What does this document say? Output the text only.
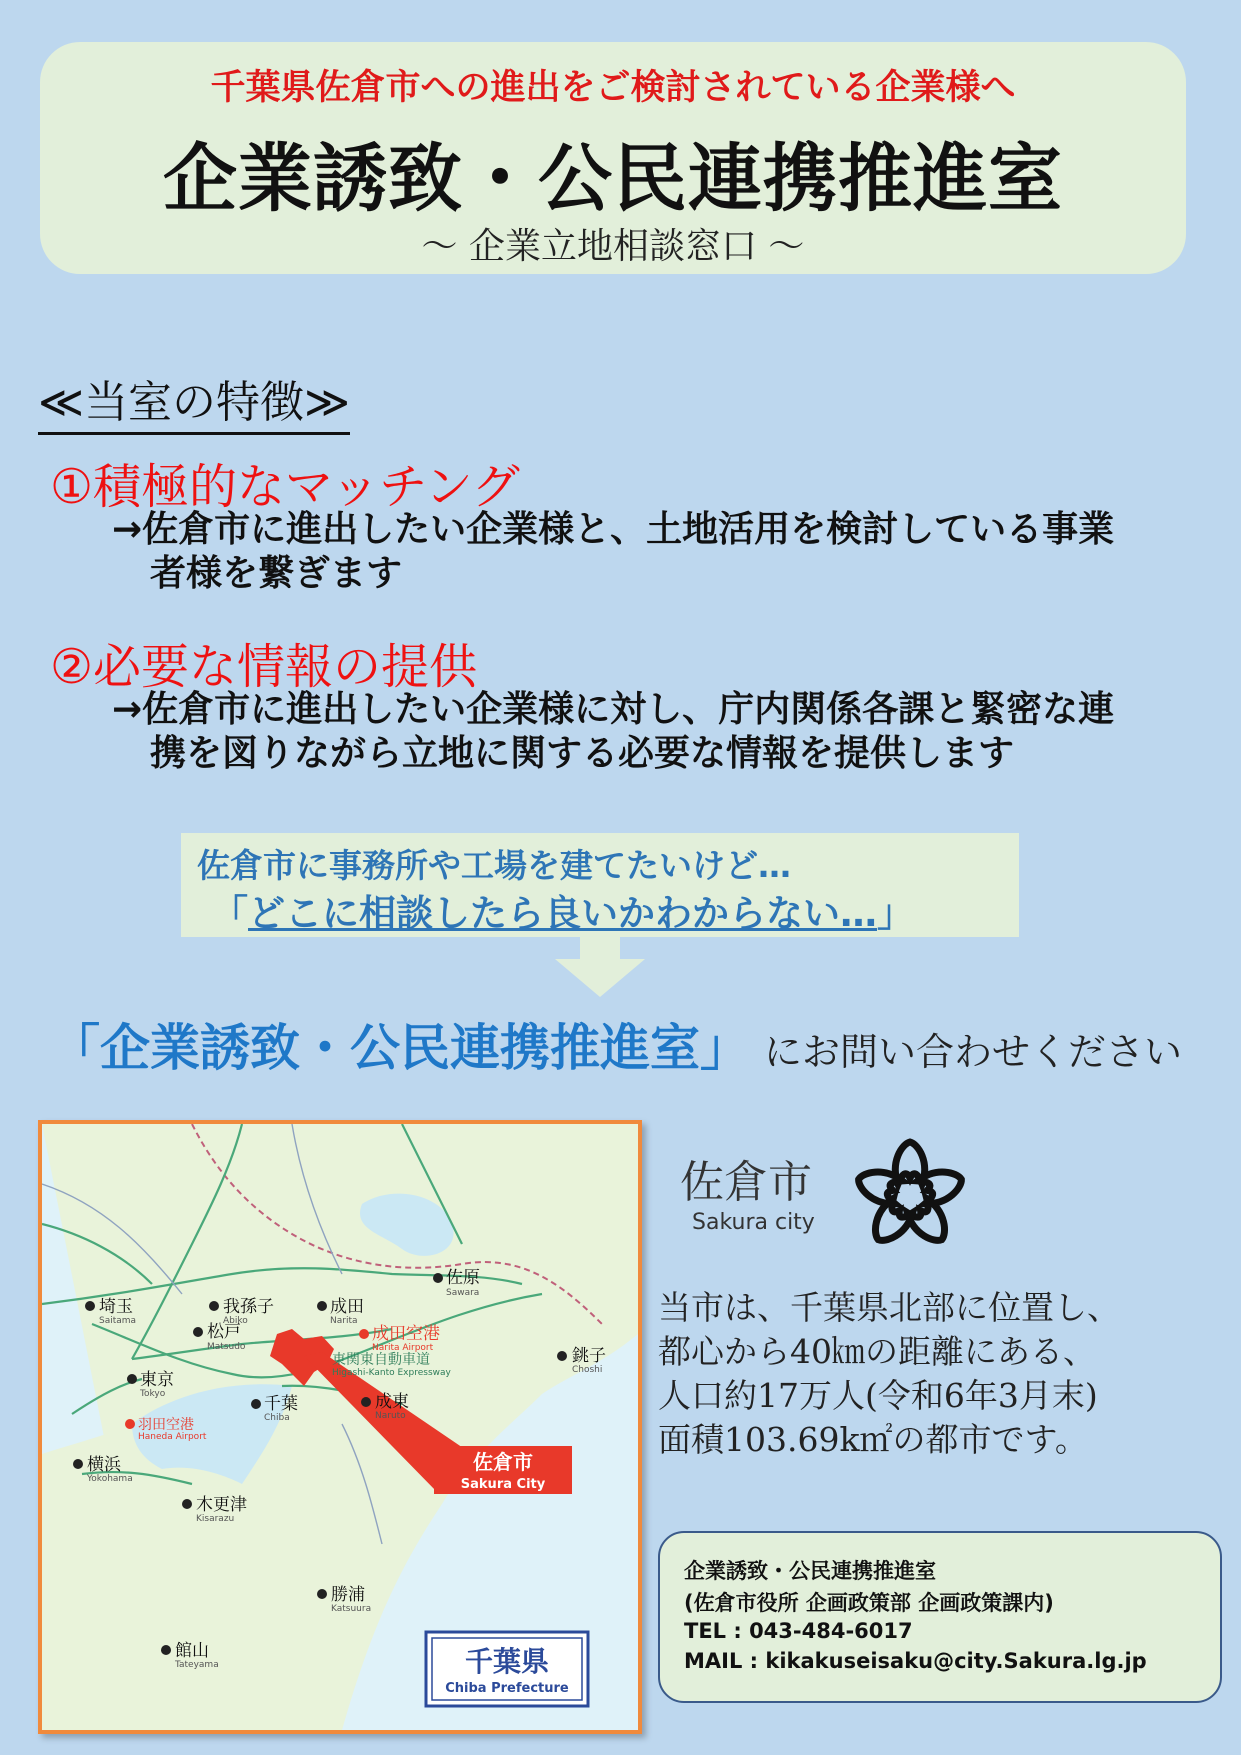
千葉県佐倉市への進出をご検討されている企業様へ
企業誘致・公民連携推進室
～ 企業立地相談窓口 ～
≪当室の特徴≫
①積極的なマッチング
→佐倉市に進出したい企業様と、土地活用を検討している事業
者様を繋ぎます
②必要な情報の提供
→佐倉市に進出したい企業様に対し、庁内関係各課と緊密な連
携を図りながら立地に関する必要な情報を提供します
佐倉市に事務所や工場を建てたいけど…
「どこに相談したら良いかわからない…」
「企業誘致・公民連携推進室」 にお問い合わせください
佐倉市
Sakura City
佐原
Sawara
我孫子
Abiko
成田
Narita
埼玉
Saitama
松戸
Matsudo
成田空港
Narita Airport
東関東自動車道
Higashi-Kanto Expressway
銚子
Choshi
東京
Tokyo	千葉
Chiba
成東
Naruto
羽田空港
Haneda Airport
横浜
Yokohama
木更津
Kisarazu
勝浦
Katsuura
館山
Tateyama	千葉県
Chiba Prefecture
佐倉市
Sakura city
当市は、千葉県北部に位置し、
都心から40㎞の距離にある、
人口約17万人(令和6年3月末)
面積103.69k㎡の都市です。
企業誘致・公民連携推進室
(佐倉市役所 企画政策部 企画政策課内)
TEL : 043-484-6017
MAIL : kikakuseisaku@city.Sakura.lg.jp
